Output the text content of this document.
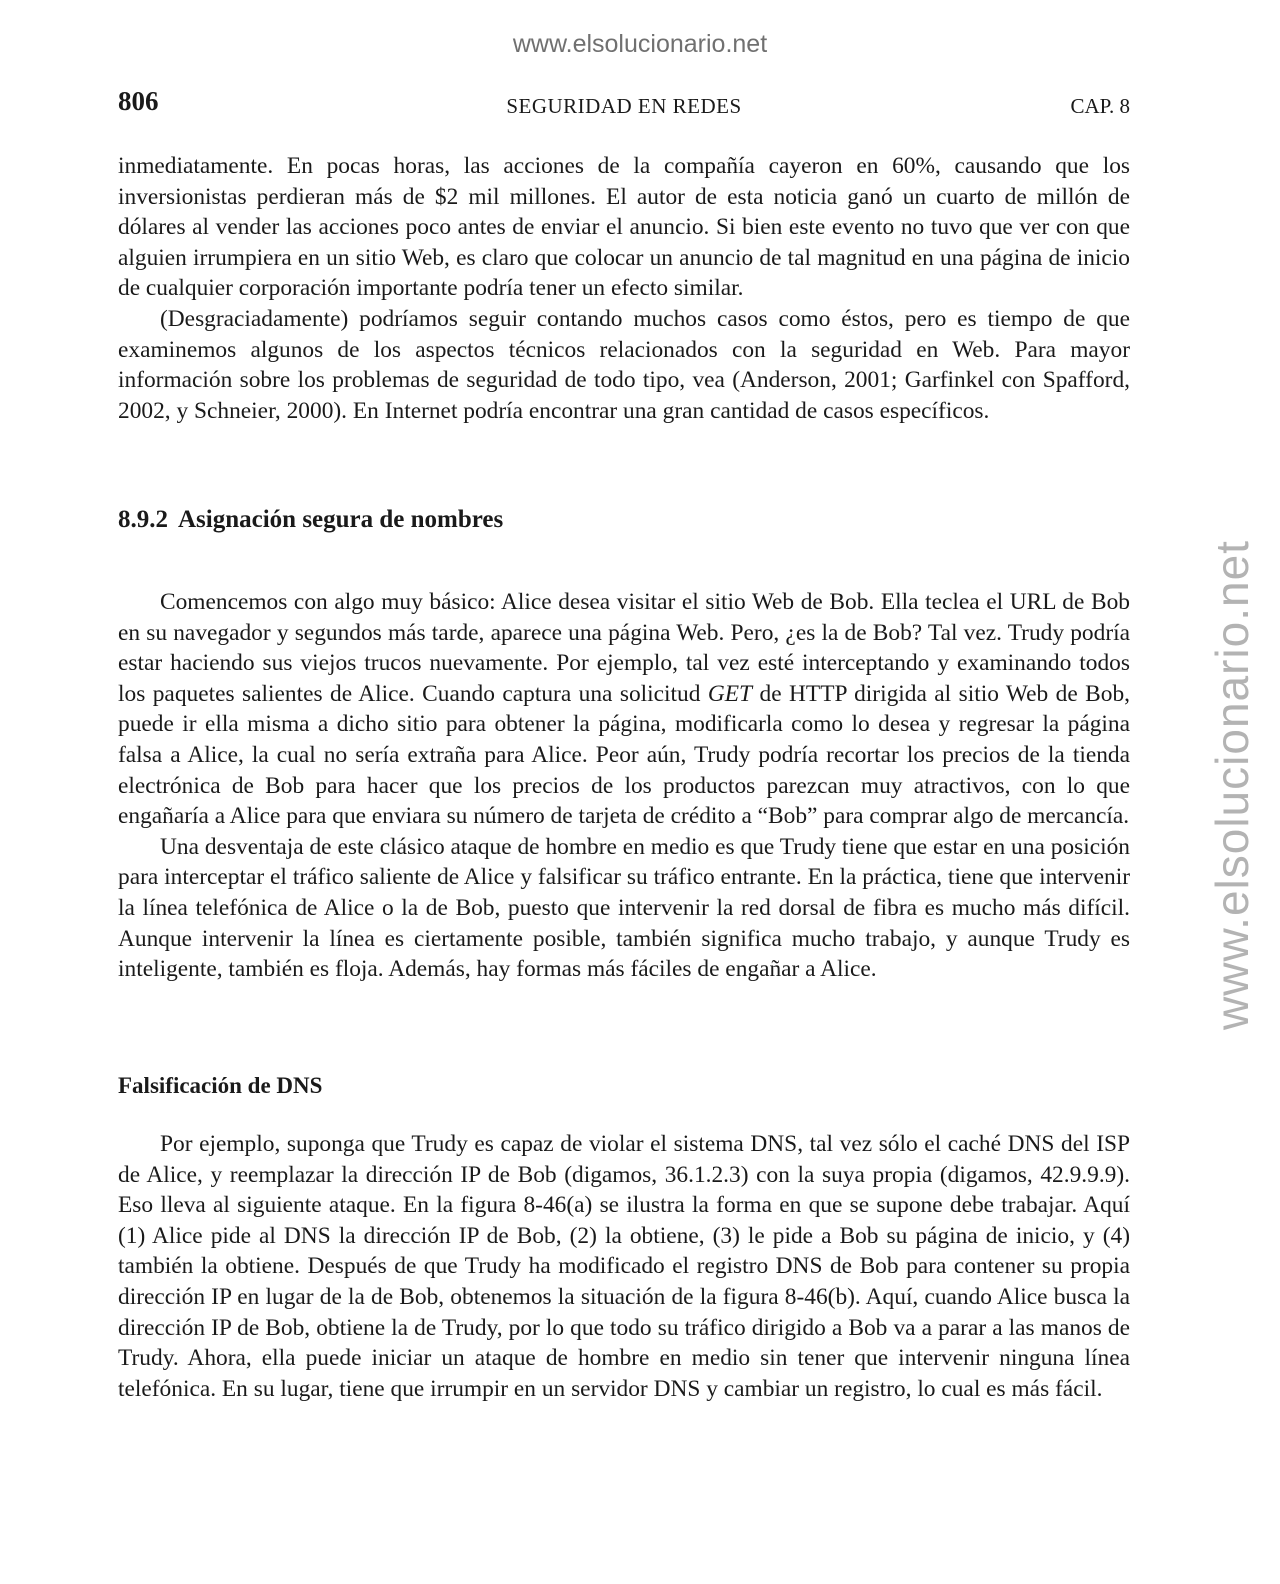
www.elsolucionario.net
www.elsolucionario.net
806	SEGURIDAD EN REDES	CAP. 8

inmediatamente. En pocas horas, las acciones de la compañía cayeron en 60%, causando que los inversionistas perdieran más de $2 mil millones. El autor de esta noticia ganó un cuarto de millón de dólares al vender las acciones poco antes de enviar el anuncio. Si bien este evento no tuvo que ver con que alguien irrumpiera en un sitio Web, es claro que colocar un anuncio de tal magnitud en una página de inicio de cualquier corporación importante podría tener un efecto similar.

(Desgraciadamente) podríamos seguir contando muchos casos como éstos, pero es tiempo de que examinemos algunos de los aspectos técnicos relacionados con la seguridad en Web. Para mayor información sobre los problemas de seguridad de todo tipo, vea (Anderson, 2001; Garfinkel con Spafford, 2002, y Schneier, 2000). En Internet podría encontrar una gran cantidad de casos específicos.

8.9.2 Asignación segura de nombres

Comencemos con algo muy básico: Alice desea visitar el sitio Web de Bob. Ella teclea el URL de Bob en su navegador y segundos más tarde, aparece una página Web. Pero, ¿es la de Bob? Tal vez. Trudy podría estar haciendo sus viejos trucos nuevamente. Por ejemplo, tal vez esté interceptando y examinando todos los paquetes salientes de Alice. Cuando captura una solicitud GET de HTTP dirigida al sitio Web de Bob, puede ir ella misma a dicho sitio para obtener la página, modificarla como lo desea y regresar la página falsa a Alice, la cual no sería extraña para Alice. Peor aún, Trudy podría recortar los precios de la tienda electrónica de Bob para hacer que los precios de los productos parezcan muy atractivos, con lo que engañaría a Alice para que enviara su número de tarjeta de crédito a “Bob” para comprar algo de mercancía.

Una desventaja de este clásico ataque de hombre en medio es que Trudy tiene que estar en una posición para interceptar el tráfico saliente de Alice y falsificar su tráfico entrante. En la práctica, tiene que intervenir la línea telefónica de Alice o la de Bob, puesto que intervenir la red dorsal de fibra es mucho más difícil. Aunque intervenir la línea es ciertamente posible, también significa mucho trabajo, y aunque Trudy es inteligente, también es floja. Además, hay formas más fáciles de engañar a Alice.

Falsificación de DNS

Por ejemplo, suponga que Trudy es capaz de violar el sistema DNS, tal vez sólo el caché DNS del ISP de Alice, y reemplazar la dirección IP de Bob (digamos, 36.1.2.3) con la suya propia (digamos, 42.9.9.9). Eso lleva al siguiente ataque. En la figura 8-46(a) se ilustra la forma en que se supone debe trabajar. Aquí (1) Alice pide al DNS la dirección IP de Bob, (2) la obtiene, (3) le pide a Bob su página de inicio, y (4) también la obtiene. Después de que Trudy ha modificado el registro DNS de Bob para contener su propia dirección IP en lugar de la de Bob, obtenemos la situación de la figura 8-46(b). Aquí, cuando Alice busca la dirección IP de Bob, obtiene la de Trudy, por lo que todo su tráfico dirigido a Bob va a parar a las manos de Trudy. Ahora, ella puede iniciar un ataque de hombre en medio sin tener que intervenir ninguna línea telefónica. En su lugar, tiene que irrumpir en un servidor DNS y cambiar un registro, lo cual es más fácil.
